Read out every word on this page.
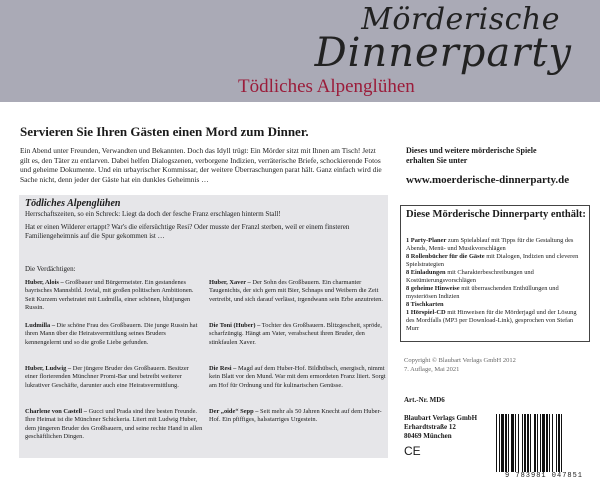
Mörderische
Dinnerparty
Tödliches Alpenglühen
Servieren Sie Ihren Gästen einen Mord zum Dinner.
Ein Abend unter Freunden, Verwandten und Bekannten. Doch das Idyll trügt: Ein Mörder sitzt mit Ihnen am Tisch! Jetzt gilt es, den Täter zu entlarven. Dabei helfen Dialogszenen, verborgene Indizien, verräterische Briefe, schockierende Fotos und geheime Dokumente. Und ein urbayrischer Kommissar, der weitere Überraschungen parat hält. Ganz einfach wird die Sache nicht, denn jeder der Gäste hat ein dunkles Geheimnis …
Dieses und weitere mörderische Spiele
erhalten Sie unter
www.moerderische-dinnerparty.de
Tödliches Alpenglühen

Herrschaftszeiten, so ein Schreck: Liegt da doch der fesche Franz erschlagen hinterm Stall!

Hat er einen Wilderer ertappt? War's die eifersüchtige Resi? Oder musste der Franzl sterben, weil er einem finsteren Familiengeheimnis auf die Spur gekommen ist …

Die Verdächtigen:
Huber, Alois – Großbauer und Bürgermeister. Ein gestandenes bayrisches Mannsbild. Jovial, mit großen politischen Ambitionen. Seit Kurzem verheiratet mit Ludmilla, einer schönen, blutjungen Russin.
Huber, Xaver – Der Sohn des Großbauern. Ein charmanter Taugenichts, der sich gern mit Bier, Schnaps und Weibern die Zeit vertreibt, und sich darauf verlässt, irgendwann sein Erbe anzutreten.
Ludmilla – Die schöne Frau des Großbauern. Die junge Russin hat ihren Mann über die Heiratsvermittlung seines Bruders kennengelernt und so die große Liebe gefunden.
Die Toni (Huber) – Tochter des Großbauern. Blitzgescheit, spröde, scharfzüngig. Hängt am Vater, verabscheut ihren Bruder, den stinkfaulen Xaver.
Huber, Ludwig – Der jüngere Bruder des Großbauern. Besitzer einer florierenden Münchner Promi-Bar und betreibt weiterer lukrativer Geschäfte, darunter auch eine Heiratsvermittlung.
Die Resi – Magd auf dem Huber-Hof. Bildhübsch, energisch, nimmt kein Blatt vor den Mund. War mit dem ermordeten Franz liiert. Sorgt am Hof für Ordnung und für kulinarischen Genüsse.
Charlene von Castell – Gucci und Prada sind ihre besten Freunde. Ihre Heimat ist die Münchner Schickeria. Liiert mit Ludwig Huber, dem jüngeren Bruder des Großbauern, und seine rechte Hand in allen geschäftlichen Dingen.
Der „oide“ Sepp – Seit mehr als 50 Jahren Knecht auf dem Huber-Hof. Ein pfiffiges, halsstarriges Urgestein.
Diese Mörderische Dinnerparty enthält:
1 Party-Planer zum Spielablauf mit Tipps für die Gestaltung des Abends, Menü- und Musikvorschlägen
8 Rollenbücher für die Gäste mit Dialogen, Indizien und cleveren Spielstrategien
8 Einladungen mit Charakterbeschreibungen und Kostümierungsvorschlägen
8 geheime Hinweise mit überraschenden Enthüllungen und mysteriösen Indizien
8 Tischkarten
1 Hörspiel-CD mit Hinweisen für die Mörderjagd und der Lösung des Mordfalls (MP3 per Download-Link), gesprochen von Stefan Murr
Copyright © Blaubart Verlags GmbH 2012
7. Auflage, Mai 2021
Art.-Nr. MD6
Blaubart Verlags GmbH
Erhardtstraße 12
80469 München
CE
9 783981 047851
